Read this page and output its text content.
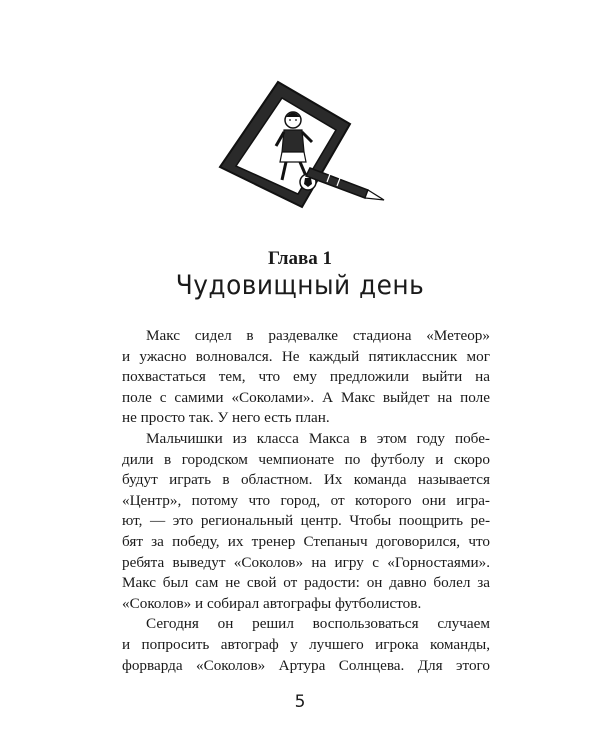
Глава 1
Чудовищный день
Макс сидел в раздевалке стадиона «Метеор»
и ужасно волновался. Не каждый пятиклассник мог
похвастаться тем, что ему предложили выйти на
поле с самими «Соколами». А Макс выйдет на поле
не просто так. У него есть план.
Мальчишки из класса Макса в этом году побе-
дили в городском чемпионате по футболу и скоро
будут играть в областном. Их команда называется
«Центр», потому что город, от которого они игра-
ют, — это региональный центр. Чтобы поощрить ре-
бят за победу, их тренер Степаныч договорился, что
ребята выведут «Соколов» на игру с «Горностаями».
Макс был сам не свой от радости: он давно болел за
«Соколов» и собирал автографы футболистов.
Сегодня он решил воспользоваться случаем
и попросить автограф у лучшего игрока команды,
форварда «Соколов» Артура Солнцева. Для этого
5
